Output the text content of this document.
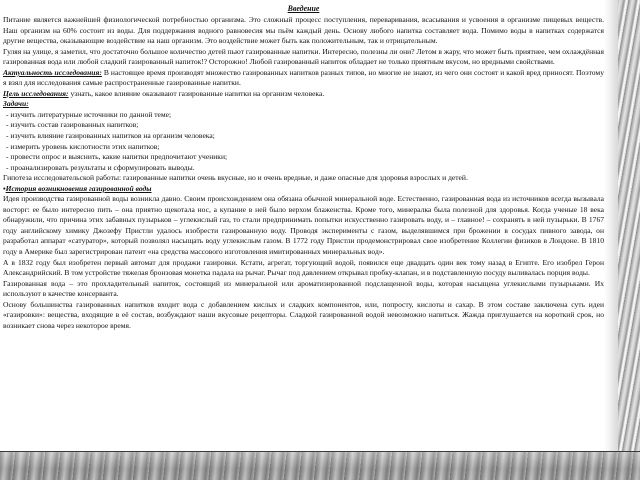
Введение

Питание является важнейшей физиологической потребностью организма. Это сложный процесс поступления, переваривания, всасывания и усвоения в организме пищевых веществ. Наш организм на 60% состоит из воды. Для поддержания водного равновесия мы пьём каждый день. Основу любого напитка составляет вода. Помимо воды в напитках содержатся другие вещества, оказывающие воздействие на наш организм. Это воздействие может быть как положительным, так и отрицательным.

Гуляя на улице, я заметил, что достаточно большое количество детей пьют газированные напитки. Интересно, полезны ли они? Летом в жару, что может быть приятнее, чем охлаждённая газированная вода или любой сладкий газированный напиток!? Осторожно! Любой газированный напиток обладает не только приятным вкусом, но вредными свойствами.

Актуальность исследования: В настоящее время производят множество газированных напитков разных типов, но многие не знают, из чего они состоят и какой вред приносят. Поэтому я взял для исследования самые распространенные газированные напитки.

Цель исследования: узнать, какое влияние оказывают газированные напитки на организм человека.

Задачи:

- изучить литературные источники по данной теме;
- изучить состав газированных напитков;
- изучить влияние газированных напитков на организм человека;
- измерить уровень кислотности этих напитков;
- провести опрос и выяснить, какие напитки предпочитают ученики;
- проанализировать результаты и сформулировать выводы.

Гипотеза исследовательской работы: газированные напитки очень вкусные, но и очень вредные, и даже опасные для здоровья взрослых и детей.

•История возникновения газированной воды

Идея производства газированной воды возникла давно. Своим происхождением она обязана обычной минеральной воде. Естественно, газированная вода из источников всегда вызывала восторг: ее было интересно пить – она приятно щекотала нос, а купание в ней было верхом блаженства. Кроме того, минералка была полезной для здоровья. Когда ученые 18 века обнаружили, что причина этих забавных пузырьков – углекислый газ, то стали предпринимать попытки искусственно газировать воду, и – главное! – сохранять в ней пузырьки. В 1767 году английскому химику Джозефу Пристли удалось изобрести газированную воду. Проводя эксперименты с газом, выделявшимся при брожении в сосудах пивного завода, он разработал аппарат «сатуратор», который позволял насыщать воду углекислым газом. В 1772 году Пристли продемонстрировал свое изобретение Коллегии физиков в Лондоне. В 1810 году в Америке был зарегистрирован патент «на средства массового изготовления имитированных минеральных вод».

А в 1832 году был изобретен первый автомат для продажи газировки. Кстати, агрегат, торгующий водой, появился еще двадцать один век тому назад в Египте. Его изобрел Герон Александрийский. В том устройстве тяжелая бронзовая монетка падала на рычаг. Рычаг под давлением открывал пробку-клапан, и в подставленную посуду выливалась порция воды.

Газированная вода – это прохладительный напиток, состоящий из минеральной или ароматизированной подслащенной воды, которая насыщена углекислыми пузырьками. Их используют в качестве консерванта.

Основу большинства газированных напитков входит вода с добавлением кислых и сладких компонентов, или, попросту, кислоты и сахар. В этом составе заключена суть идеи «газировки»: вещества, входящие в её состав, возбуждают наши вкусовые рецепторы. Сладкой газированной водой невозможно напиться. Жажда приглушается на короткий срок, но возникает снова через некоторое время.
